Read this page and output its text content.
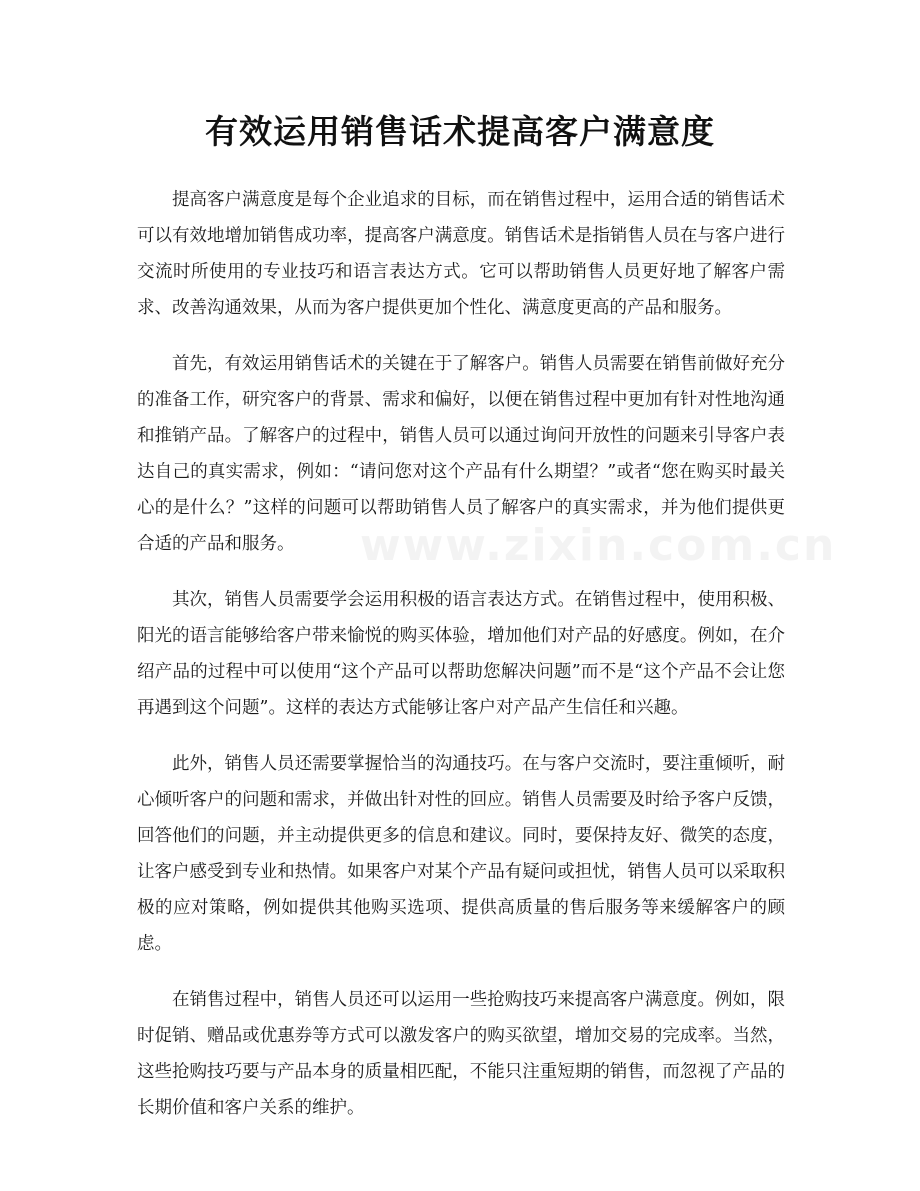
有效运用销售话术提高客户满意度
www.zixin.com.cn

提高客户满意度是每个企业追求的目标，而在销售过程中，运用合适的销售话术可以有效地增加销售成功率，提高客户满意度。销售话术是指销售人员在与客户进行交流时所使用的专业技巧和语言表达方式。它可以帮助销售人员更好地了解客户需求、改善沟通效果，从而为客户提供更加个性化、满意度更高的产品和服务。

首先，有效运用销售话术的关键在于了解客户。销售人员需要在销售前做好充分的准备工作，研究客户的背景、需求和偏好，以便在销售过程中更加有针对性地沟通和推销产品。了解客户的过程中，销售人员可以通过询问开放性的问题来引导客户表达自己的真实需求，例如：“请问您对这个产品有什么期望？”或者“您在购买时最关心的是什么？”这样的问题可以帮助销售人员了解客户的真实需求，并为他们提供更合适的产品和服务。

其次，销售人员需要学会运用积极的语言表达方式。在销售过程中，使用积极、阳光的语言能够给客户带来愉悦的购买体验，增加他们对产品的好感度。例如，在介绍产品的过程中可以使用“这个产品可以帮助您解决问题”而不是“这个产品不会让您再遇到这个问题”。这样的表达方式能够让客户对产品产生信任和兴趣。

此外，销售人员还需要掌握恰当的沟通技巧。在与客户交流时，要注重倾听，耐心倾听客户的问题和需求，并做出针对性的回应。销售人员需要及时给予客户反馈，回答他们的问题，并主动提供更多的信息和建议。同时，要保持友好、微笑的态度，让客户感受到专业和热情。如果客户对某个产品有疑问或担忧，销售人员可以采取积极的应对策略，例如提供其他购买选项、提供高质量的售后服务等来缓解客户的顾虑。

在销售过程中，销售人员还可以运用一些抢购技巧来提高客户满意度。例如，限时促销、赠品或优惠券等方式可以激发客户的购买欲望，增加交易的完成率。当然，这些抢购技巧要与产品本身的质量相匹配，不能只注重短期的销售，而忽视了产品的长期价值和客户关系的维护。
